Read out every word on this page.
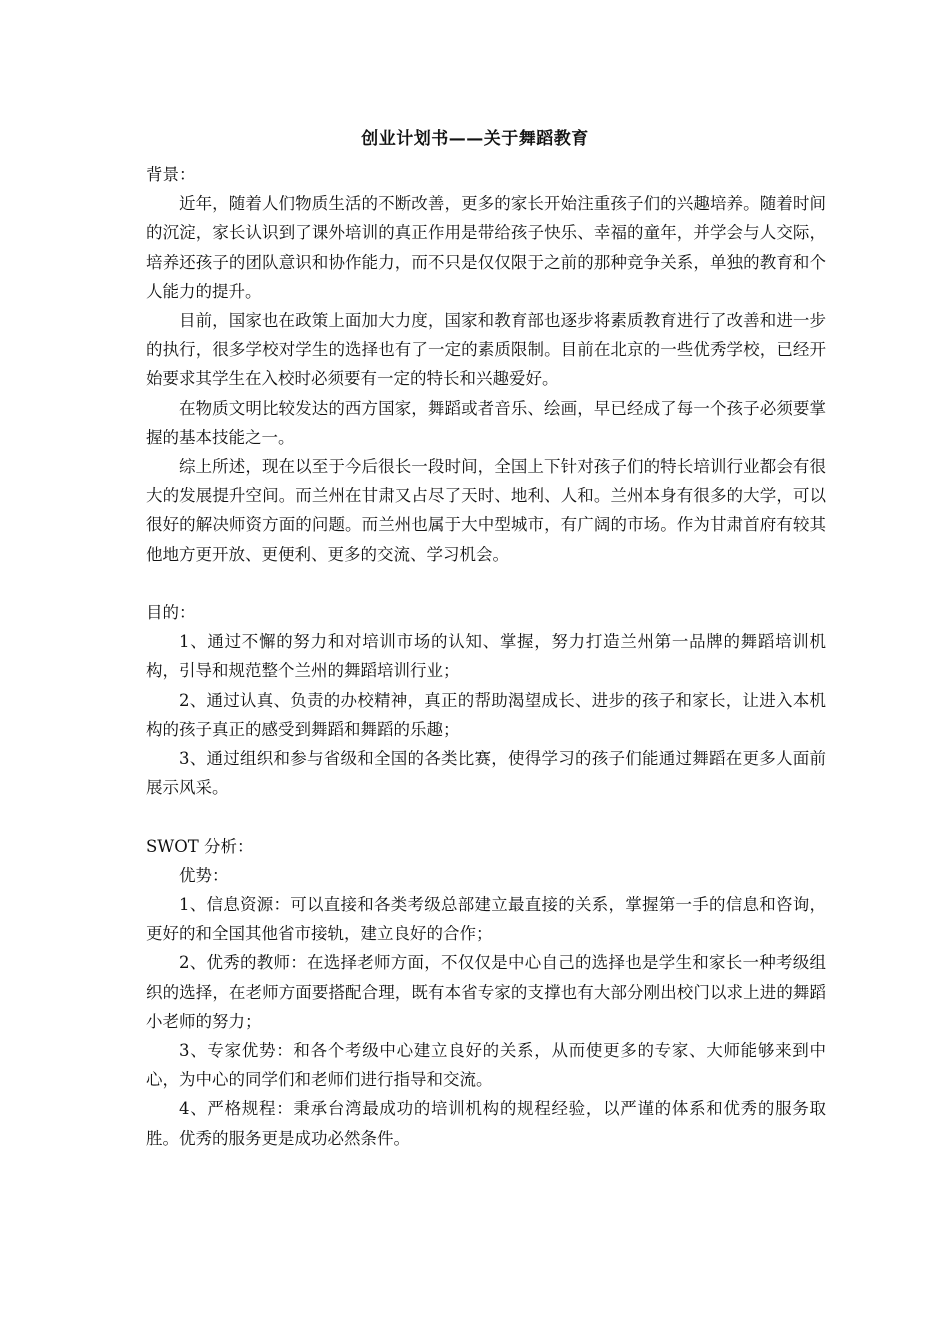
创业计划书——关于舞蹈教育

背景：

近年，随着人们物质生活的不断改善，更多的家长开始注重孩子们的兴趣培养。随着时间的沉淀，家长认识到了课外培训的真正作用是带给孩子快乐、幸福的童年，并学会与人交际，培养还孩子的团队意识和协作能力，而不只是仅仅限于之前的那种竞争关系，单独的教育和个人能力的提升。

目前，国家也在政策上面加大力度，国家和教育部也逐步将素质教育进行了改善和进一步的执行，很多学校对学生的选择也有了一定的素质限制。目前在北京的一些优秀学校，已经开始要求其学生在入校时必须要有一定的特长和兴趣爱好。

在物质文明比较发达的西方国家，舞蹈或者音乐、绘画，早已经成了每一个孩子必须要掌握的基本技能之一。

综上所述，现在以至于今后很长一段时间，全国上下针对孩子们的特长培训行业都会有很大的发展提升空间。而兰州在甘肃又占尽了天时、地利、人和。兰州本身有很多的大学，可以很好的解决师资方面的问题。而兰州也属于大中型城市，有广阔的市场。作为甘肃首府有较其他地方更开放、更便利、更多的交流、学习机会。

目的：

1、通过不懈的努力和对培训市场的认知、掌握，努力打造兰州第一品牌的舞蹈培训机构，引导和规范整个兰州的舞蹈培训行业；

2、通过认真、负责的办校精神，真正的帮助渴望成长、进步的孩子和家长，让进入本机构的孩子真正的感受到舞蹈和舞蹈的乐趣；

3、通过组织和参与省级和全国的各类比赛，使得学习的孩子们能通过舞蹈在更多人面前展示风采。

SWOT 分析：

优势：

1、信息资源：可以直接和各类考级总部建立最直接的关系，掌握第一手的信息和咨询，更好的和全国其他省市接轨，建立良好的合作；

2、优秀的教师：在选择老师方面，不仅仅是中心自己的选择也是学生和家长一种考级组织的选择，在老师方面要搭配合理，既有本省专家的支撑也有大部分刚出校门以求上进的舞蹈小老师的努力；

3、专家优势：和各个考级中心建立良好的关系，从而使更多的专家、大师能够来到中心，为中心的同学们和老师们进行指导和交流。

4、严格规程：秉承台湾最成功的培训机构的规程经验，以严谨的体系和优秀的服务取胜。优秀的服务更是成功必然条件。
